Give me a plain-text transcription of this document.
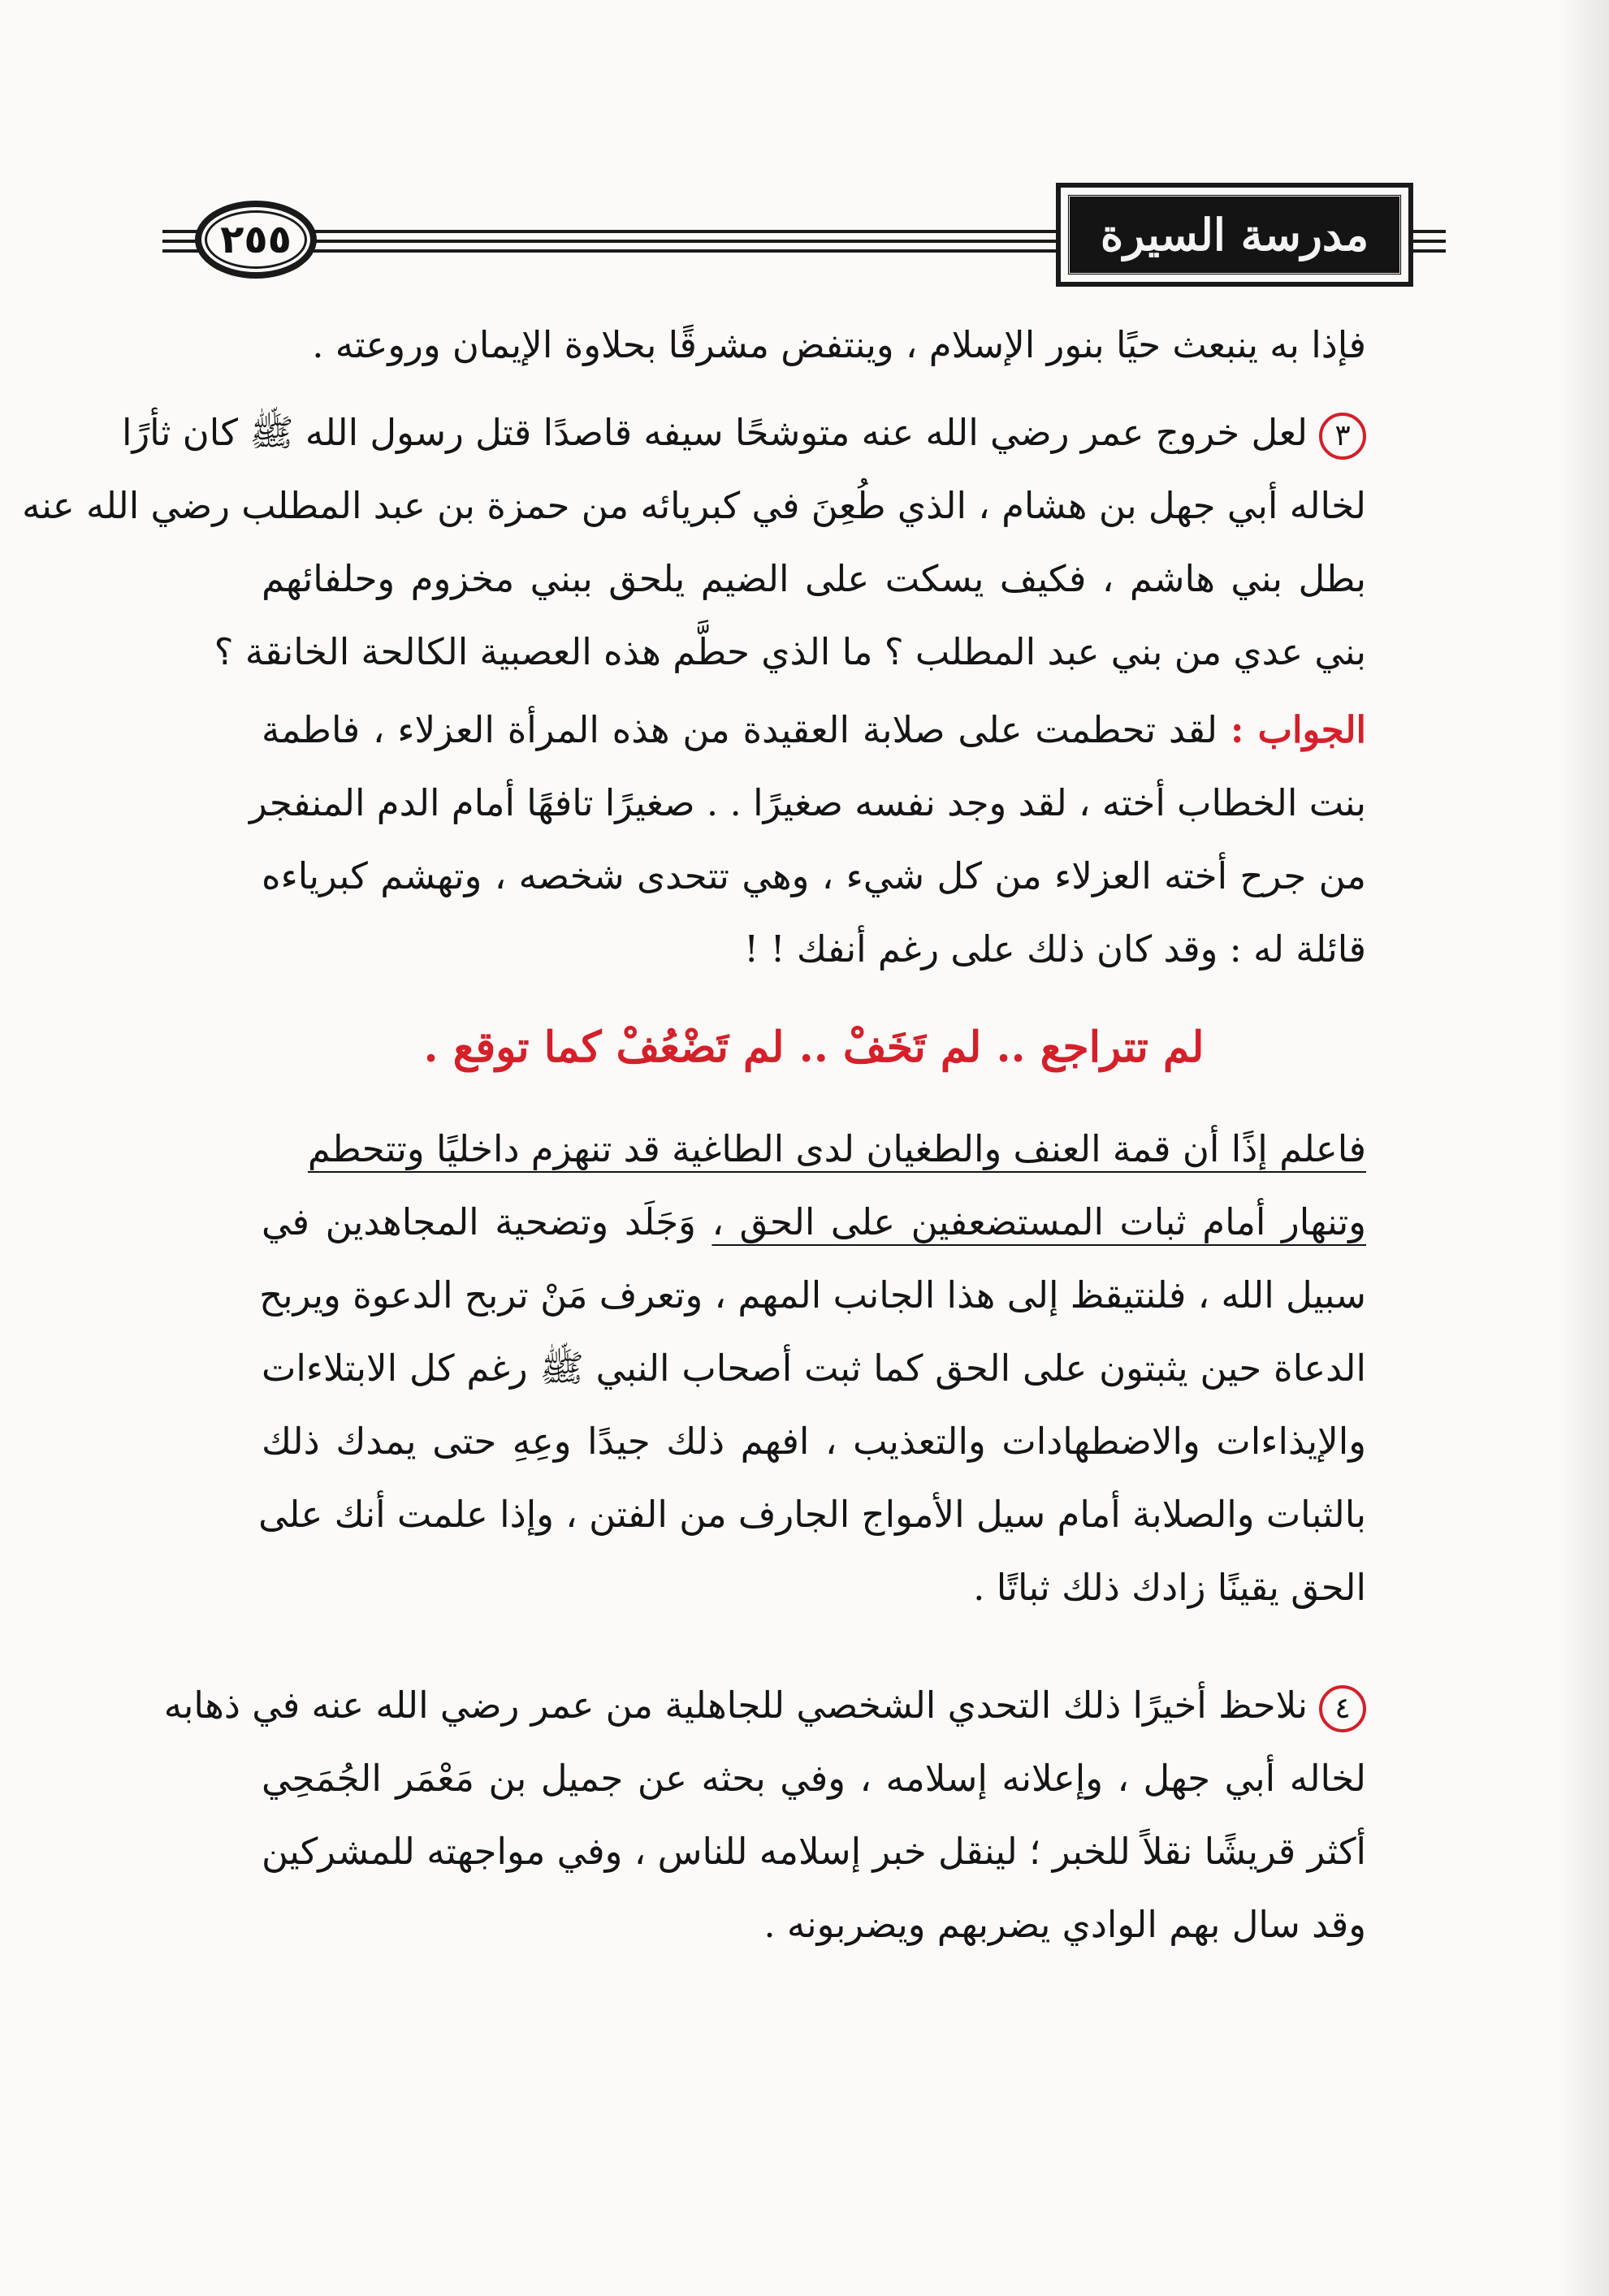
٢٥٥	مدرسة السيرة
فإذا به ينبعث حيًا بنور الإسلام ، وينتفض مشرقًا بحلاوة الإيمان وروعته .
٣لعل خروج عمر رضي الله عنه متوشحًا سيفه قاصدًا قتل رسول الله ﷺ كان ثأرًا
لخاله أبي جهل بن هشام ، الذي طُعِنَ في كبريائه من حمزة بن عبد المطلب رضي الله عنه
بطل بني هاشم ، فكيف يسكت على الضيم يلحق ببني مخزوم وحلفائهم
بني عدي من بني عبد المطلب ؟ ما الذي حطَّم هذه العصبية الكالحة الخانقة ؟
الجواب : لقد تحطمت على صلابة العقيدة من هذه المرأة العزلاء ، فاطمة
بنت الخطاب أخته ، لقد وجد نفسه صغيرًا . . صغيرًا تافهًا أمام الدم المنفجر
من جرح أخته العزلاء من كل شيء ، وهي تتحدى شخصه ، وتهشم كبرياءه
قائلة له : وقد كان ذلك على رغم أنفك ! !
لم تتراجع .. لم تَخَفْ .. لم تَضْعُفْ كما توقع .
فاعلم إذًا أن قمة العنف والطغيان لدى الطاغية قد تنهزم داخليًا وتتحطم
وتنهار أمام ثبات المستضعفين على الحق ، وَجَلَد وتضحية المجاهدين في
سبيل الله ، فلنتيقظ إلى هذا الجانب المهم ، وتعرف مَنْ تربح الدعوة ويربح
الدعاة حين يثبتون على الحق كما ثبت أصحاب النبي ﷺ رغم كل الابتلاءات
والإيذاءات والاضطهادات والتعذيب ، افهم ذلك جيدًا وعِهِ حتى يمدك ذلك
بالثبات والصلابة أمام سيل الأمواج الجارف من الفتن ، وإذا علمت أنك على
الحق يقينًا زادك ذلك ثباتًا .
٤نلاحظ أخيرًا ذلك التحدي الشخصي للجاهلية من عمر رضي الله عنه في ذهابه
لخاله أبي جهل ، وإعلانه إسلامه ، وفي بحثه عن جميل بن مَعْمَر الجُمَحِي
أكثر قريشًا نقلاً للخبر ؛ لينقل خبر إسلامه للناس ، وفي مواجهته للمشركين
وقد سال بهم الوادي يضربهم ويضربونه .
